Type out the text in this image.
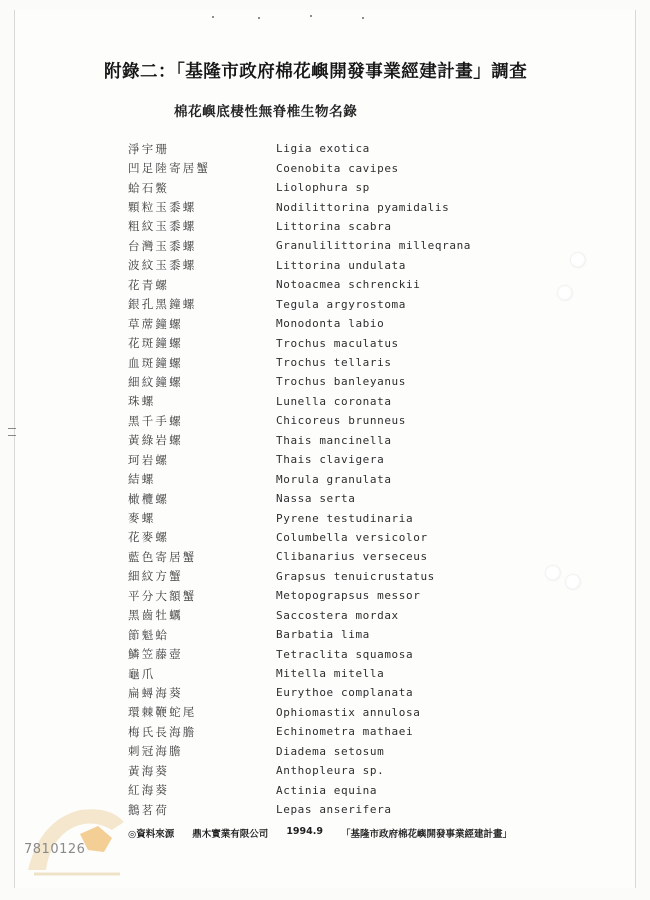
附錄二：「基隆市政府棉花嶼開發事業經建計畫」調查
棉花嶼底棲性無脊椎生物名錄
淨宇珊	Ligia exotica
凹足陸寄居蟹	Coenobita cavipes
蛤石鱉	Liolophura sp
顆粒玉黍螺	Nodilittorina pyamidalis
粗紋玉黍螺	Littorina scabra
台灣玉黍螺	Granulilittorina milleqrana
波紋玉黍螺	Littorina undulata
花青螺	Notoacmea schrenckii
銀孔黑鐘螺	Tegula argyrostoma
草蓆鐘螺	Monodonta labio
花斑鐘螺	Trochus maculatus
血斑鐘螺	Trochus tellaris
細紋鐘螺	Trochus banleyanus
珠螺	Lunella coronata
黑千手螺	Chicoreus brunneus
黃綠岩螺	Thais mancinella
珂岩螺	Thais clavigera
結螺	Morula granulata
橄欖螺	Nassa serta
麥螺	Pyrene testudinaria
花麥螺	Columbella versicolor
藍色寄居蟹	Clibanarius verseceus
細紋方蟹	Grapsus tenuicrustatus
平分大額蟹	Metopograpsus messor
黑齒牡蠣	Saccostera mordax
節魁蛤	Barbatia lima
鱗笠藤壺	Tetraclita squamosa
龜爪	Mitella mitella
扁蟳海葵	Eurythoe complanata
環棘鞭蛇尾	Ophiomastix annulosa
梅氏長海膽	Echinometra mathaei
刺冠海膽	Diadema setosum
黃海葵	Anthopleura sp.
紅海葵	Actinia equina
鵝茗荷	Lepas anserifera
◎資料來源 鼎木實業有限公司 1994.9 「基隆市政府棉花嶼開發事業經建計畫」
7810126
